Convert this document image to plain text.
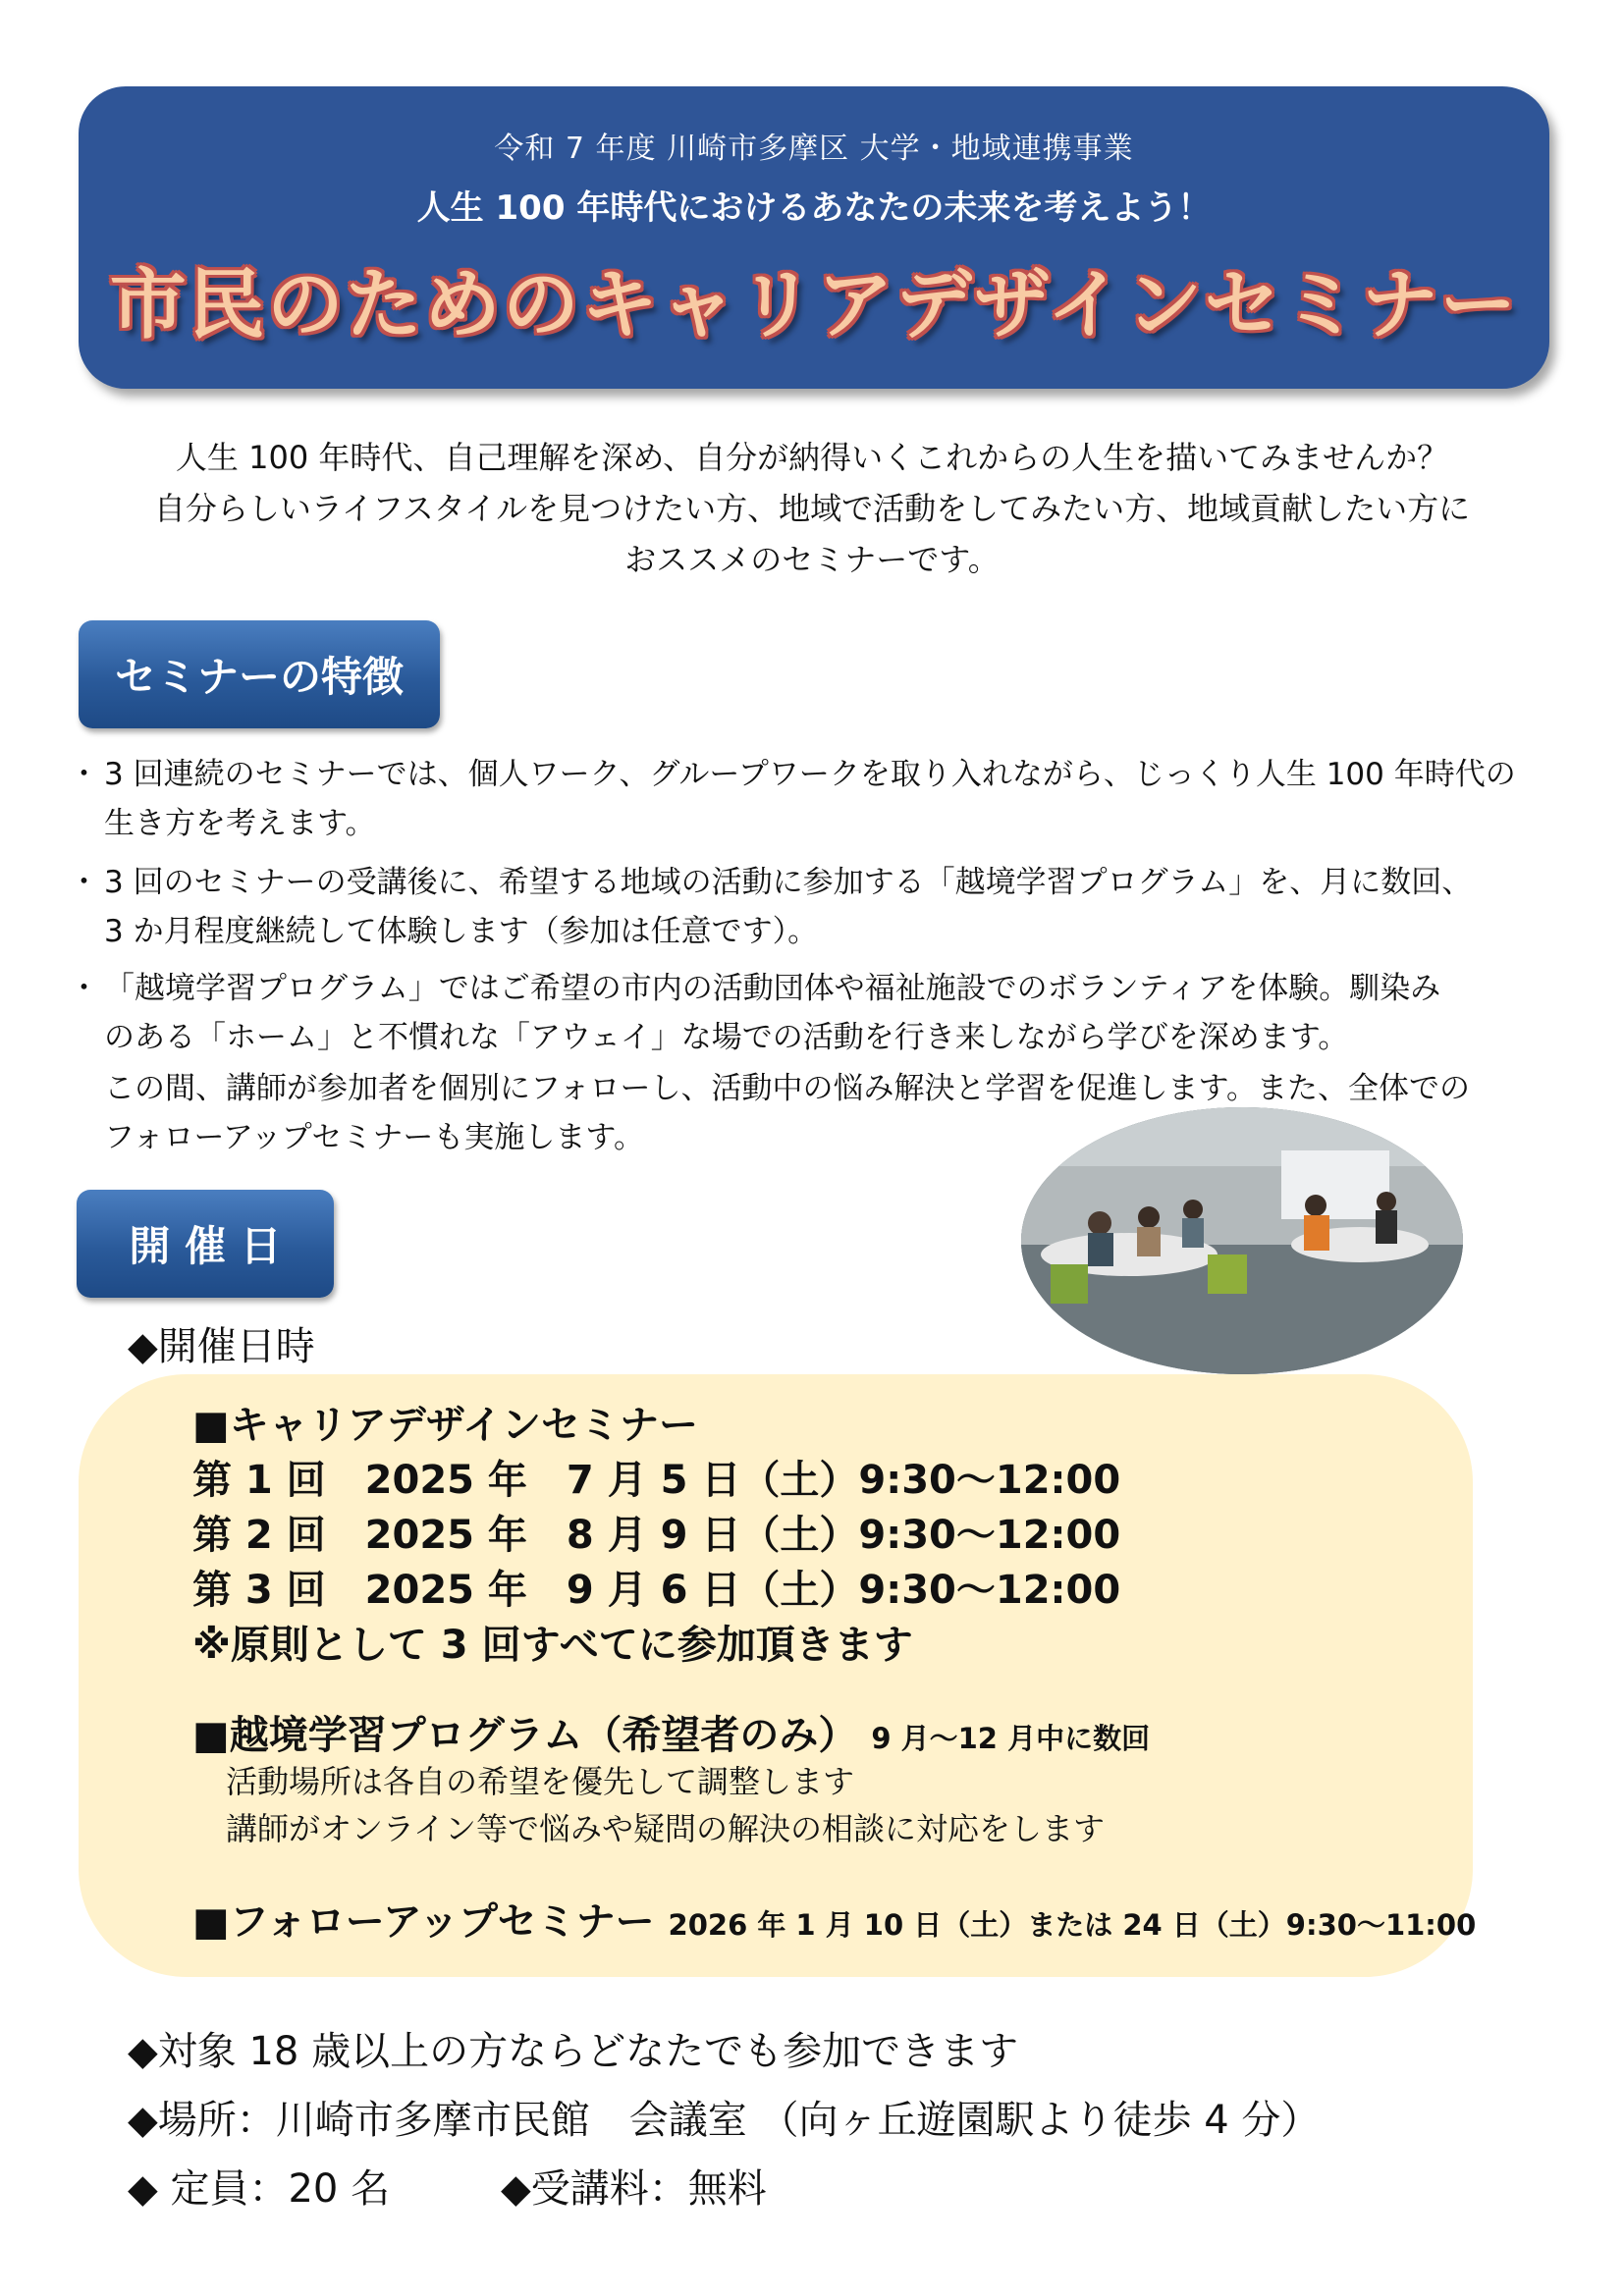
令和 7 年度 川崎市多摩区 大学・地域連携事業
人生 100 年時代におけるあなたの未来を考えよう！
市民のためのキャリアデザインセミナー
人生 100 年時代、自己理解を深め、自分が納得いくこれからの人生を描いてみませんか？
自分らしいライフスタイルを見つけたい方、地域で活動をしてみたい方、地域貢献したい方に
おススメのセミナーです。
セミナーの特徴
・ 3 回連続のセミナーでは、個人ワーク、グループワークを取り入れながら、じっくり人生 100 年時代の
生き方を考えます。
・ 3 回のセミナーの受講後に、希望する地域の活動に参加する「越境学習プログラム」を、月に数回、
3 か月程度継続して体験します（参加は任意です）。
・ 「越境学習プログラム」ではご希望の市内の活動団体や福祉施設でのボランティアを体験。馴染み
のある「ホーム」と不慣れな「アウェイ」な場での活動を行き来しながら学びを深めます。
この間、講師が参加者を個別にフォローし、活動中の悩み解決と学習を促進します。また、全体での
フォローアップセミナーも実施します。
開 催 日
◆開催日時
■キャリアデザインセミナー
第 1 回　2025 年　7 月 5 日（土）9:30〜12:00
第 2 回　2025 年　8 月 9 日（土）9:30〜12:00
第 3 回　2025 年　9 月 6 日（土）9:30〜12:00
※原則として 3 回すべてに参加頂きます
■越境学習プログラム（希望者のみ） 9 月〜12 月中に数回
活動場所は各自の希望を優先して調整します
講師がオンライン等で悩みや疑問の解決の相談に対応をします
■フォローアップセミナー 2026 年 1 月 10 日（土）または 24 日（土）9:30〜11:00
◆対象 18 歳以上の方ならどなたでも参加できます
◆場所：川崎市多摩市民館　会議室 （向ヶ丘遊園駅より徒歩 4 分）
◆ 定員：20 名	◆受講料：無料
